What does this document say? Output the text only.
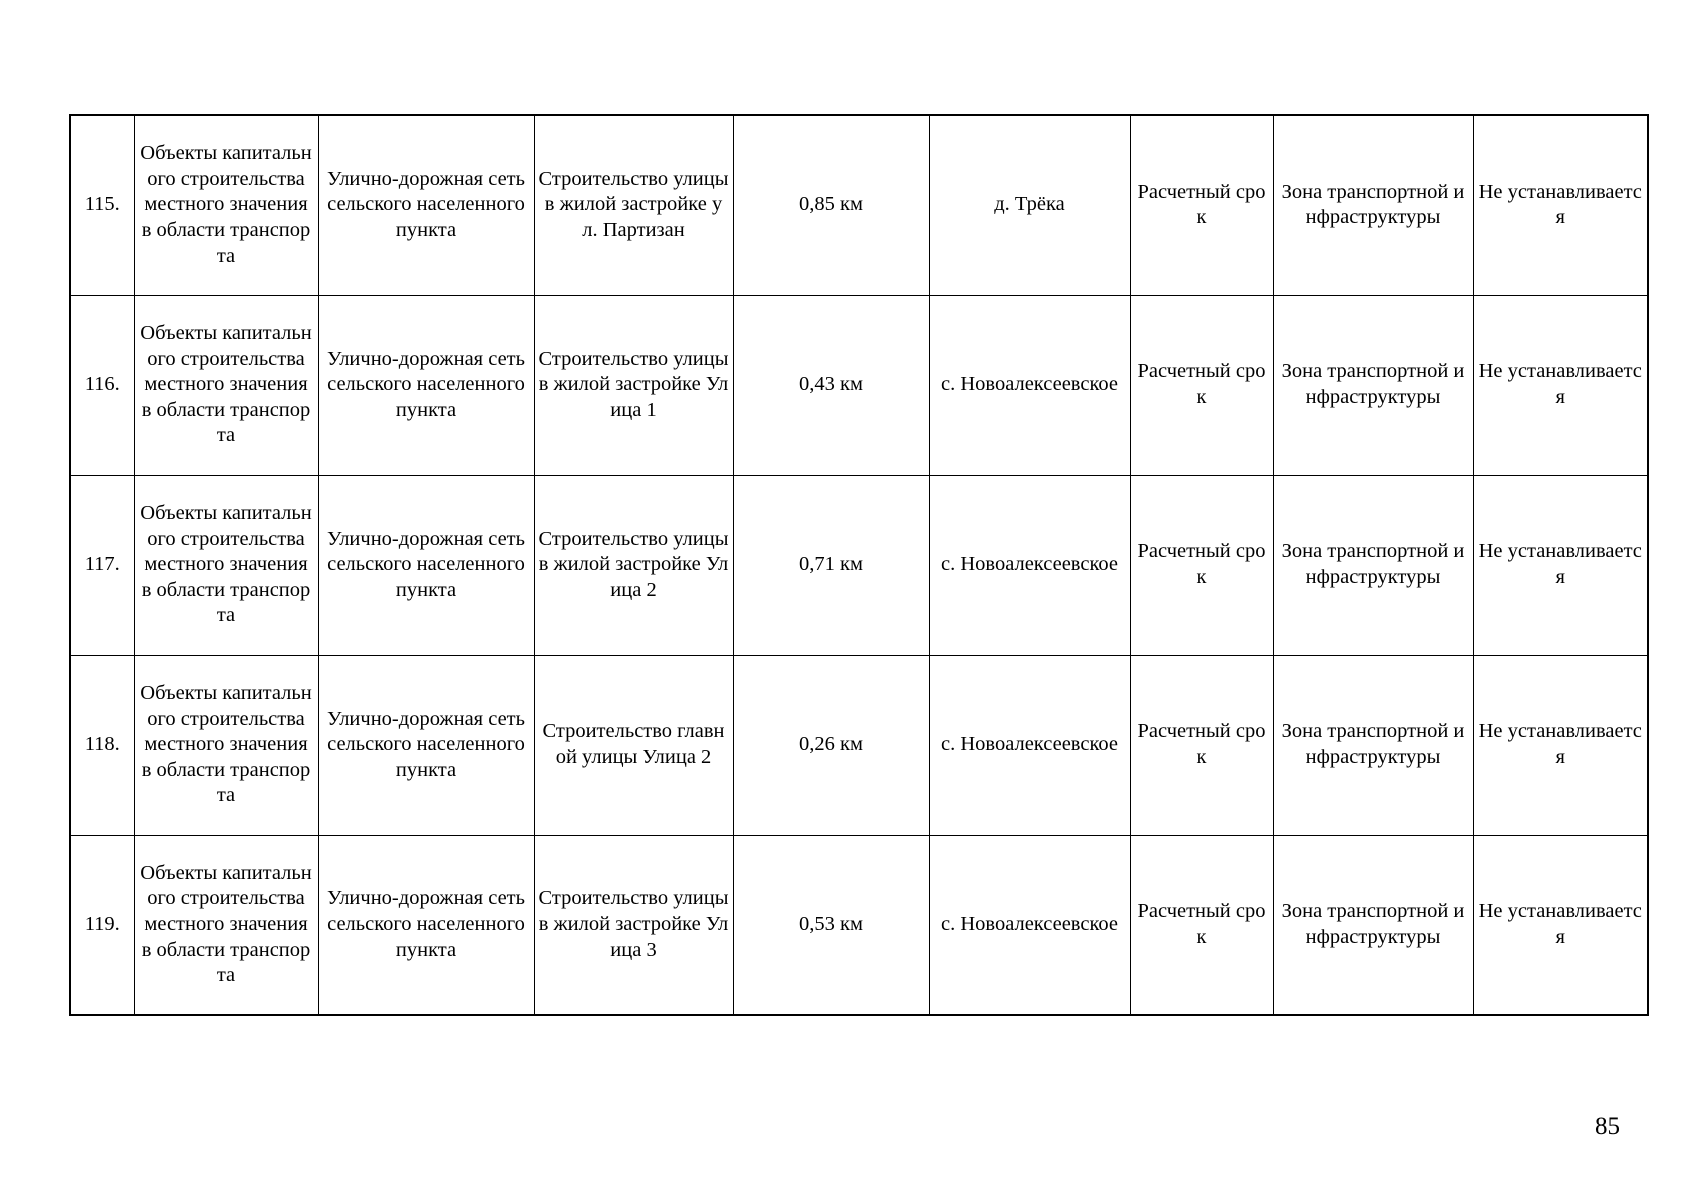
115.	Объекты капитального строительства местного значения в области транспорта	Улично-дорожная сеть сельского населенного пункта	Строительство улицы в жилой застройке ул. Партизан	0,85 км	д. Трёка	Расчетный срок	Зона транспортной инфраструктуры	Не устанавливается
116.	Объекты капитального строительства местного значения в области транспорта	Улично-дорожная сеть сельского населенного пункта	Строительство улицы в жилой застройке Улица 1	0,43 км	с. Новоалексеевское	Расчетный срок	Зона транспортной инфраструктуры	Не устанавливается
117.	Объекты капитального строительства местного значения в области транспорта	Улично-дорожная сеть сельского населенного пункта	Строительство улицы в жилой застройке Улица 2	0,71 км	с. Новоалексеевское	Расчетный срок	Зона транспортной инфраструктуры	Не устанавливается
118.	Объекты капитального строительства местного значения в области транспорта	Улично-дорожная сеть сельского населенного пункта	Строительство главной улицы Улица 2	0,26 км	с. Новоалексеевское	Расчетный срок	Зона транспортной инфраструктуры	Не устанавливается
119.	Объекты капитального строительства местного значения в области транспорта	Улично-дорожная сеть сельского населенного пункта	Строительство улицы в жилой застройке Улица 3	0,53 км	с. Новоалексеевское	Расчетный срок	Зона транспортной инфраструктуры	Не устанавливается
85
